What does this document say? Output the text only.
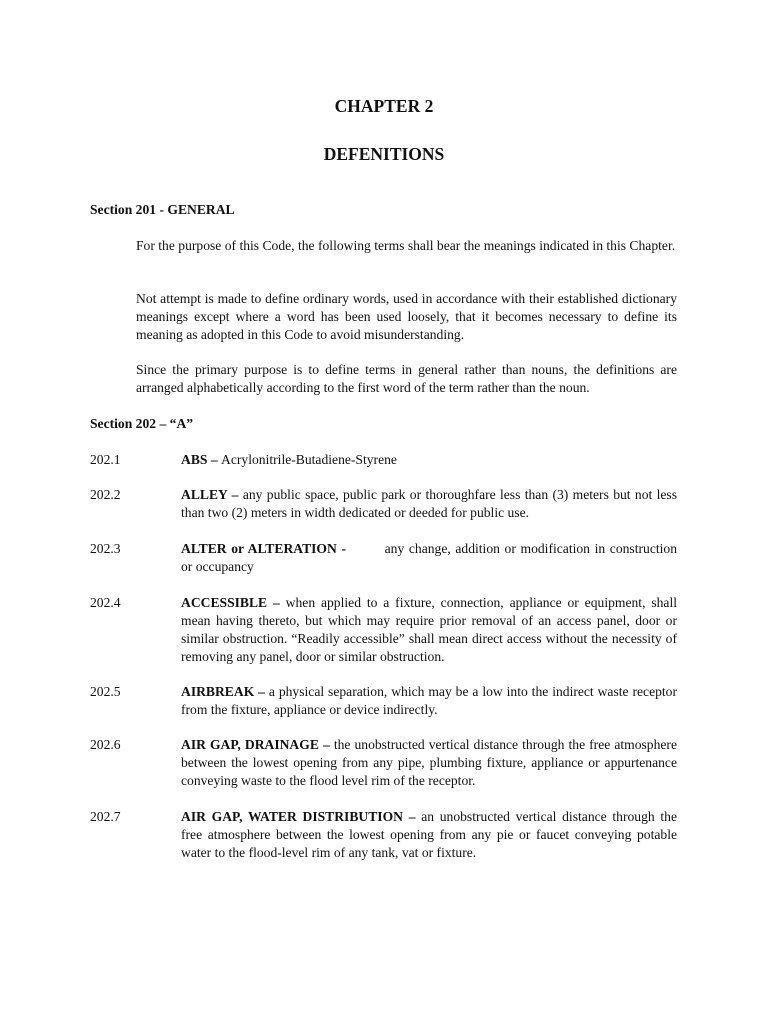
CHAPTER 2
DEFENITIONS
Section 201 - GENERAL
For the purpose of this Code, the following terms shall bear the meanings indicated in this Chapter.
Not attempt is made to define ordinary words, used in accordance with their established dictionary meanings except where a word has been used loosely, that it becomes necessary to define its meaning as adopted in this Code to avoid misunderstanding.
Since the primary purpose is to define terms in general rather than nouns, the definitions are arranged alphabetically according to the first word of the term rather than the noun.
Section 202 – “A”
202.1	ABS – Acrylonitrile-Butadiene-Styrene
202.2	ALLEY – any public space, public park or thoroughfare less than (3) meters but not less than two (2) meters in width dedicated or deeded for public use.
202.3	ALTER or ALTERATION -	any change, addition or modification in construction or occupancy
202.4	ACCESSIBLE – when applied to a fixture, connection, appliance or equipment, shall mean having thereto, but which may require prior removal of an access panel, door or similar obstruction. “Readily accessible” shall mean direct access without the necessity of removing any panel, door or similar obstruction.
202.5	AIRBREAK – a physical separation, which may be a low into the indirect waste receptor from the fixture, appliance or device indirectly.
202.6	AIR GAP, DRAINAGE – the unobstructed vertical distance through the free atmosphere between the lowest opening from any pipe, plumbing fixture, appliance or appurtenance conveying waste to the flood level rim of the receptor.
202.7	AIR GAP, WATER DISTRIBUTION – an unobstructed vertical distance through the free atmosphere between the lowest opening from any pie or faucet conveying potable water to the flood-level rim of any tank, vat or fixture.
